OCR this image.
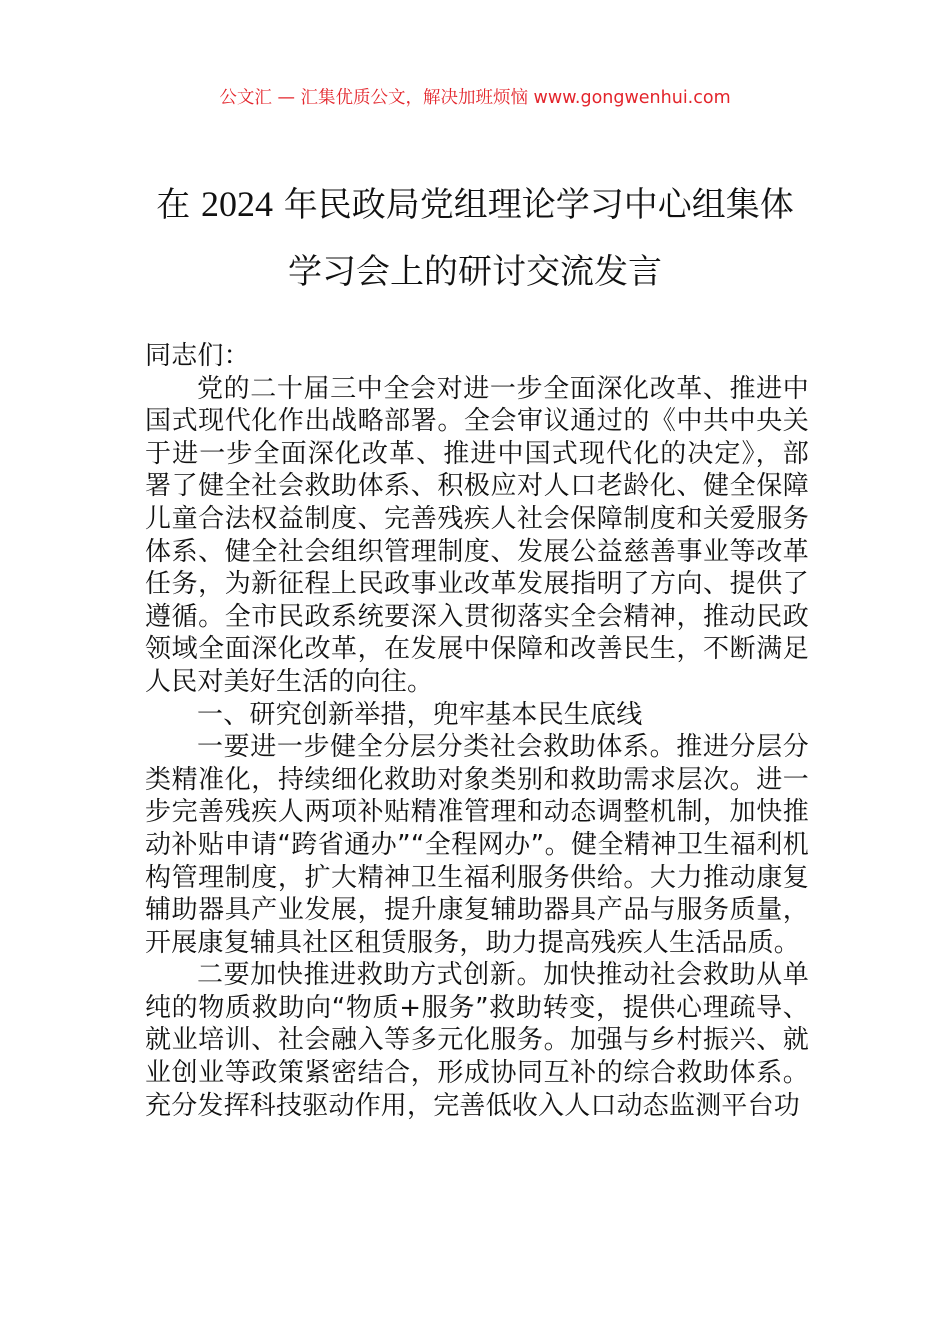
公文汇 — 汇集优质公文，解决加班烦恼 www.gongwenhui.com
在 2024 年民政局党组理论学习中心组集体
学习会上的研讨交流发言

同志们：

党的二十届三中全会对进一步全面深化改革、推进中国式现代化作出战略部署。全会审议通过的《中共中央关于进一步全面深化改革、推进中国式现代化的决定》，部署了健全社会救助体系、积极应对人口老龄化、健全保障儿童合法权益制度、完善残疾人社会保障制度和关爱服务体系、健全社会组织管理制度、发展公益慈善事业等改革任务，为新征程上民政事业改革发展指明了方向、提供了遵循。全市民政系统要深入贯彻落实全会精神，推动民政领域全面深化改革，在发展中保障和改善民生，不断满足人民对美好生活的向往。

一、研究创新举措，兜牢基本民生底线

一要进一步健全分层分类社会救助体系。推进分层分类精准化，持续细化救助对象类别和救助需求层次。进一步完善残疾人两项补贴精准管理和动态调整机制，加快推动补贴申请“跨省通办”“全程网办”。健全精神卫生福利机构管理制度，扩大精神卫生福利服务供给。大力推动康复辅助器具产业发展，提升康复辅助器具产品与服务质量，开展康复辅具社区租赁服务，助力提高残疾人生活品质。

二要加快推进救助方式创新。加快推动社会救助从单纯的物质救助向“物质+服务”救助转变，提供心理疏导、就业培训、社会融入等多元化服务。加强与乡村振兴、就业创业等政策紧密结合，形成协同互补的综合救助体系。充分发挥科技驱动作用，完善低收入人口动态监测平台功
